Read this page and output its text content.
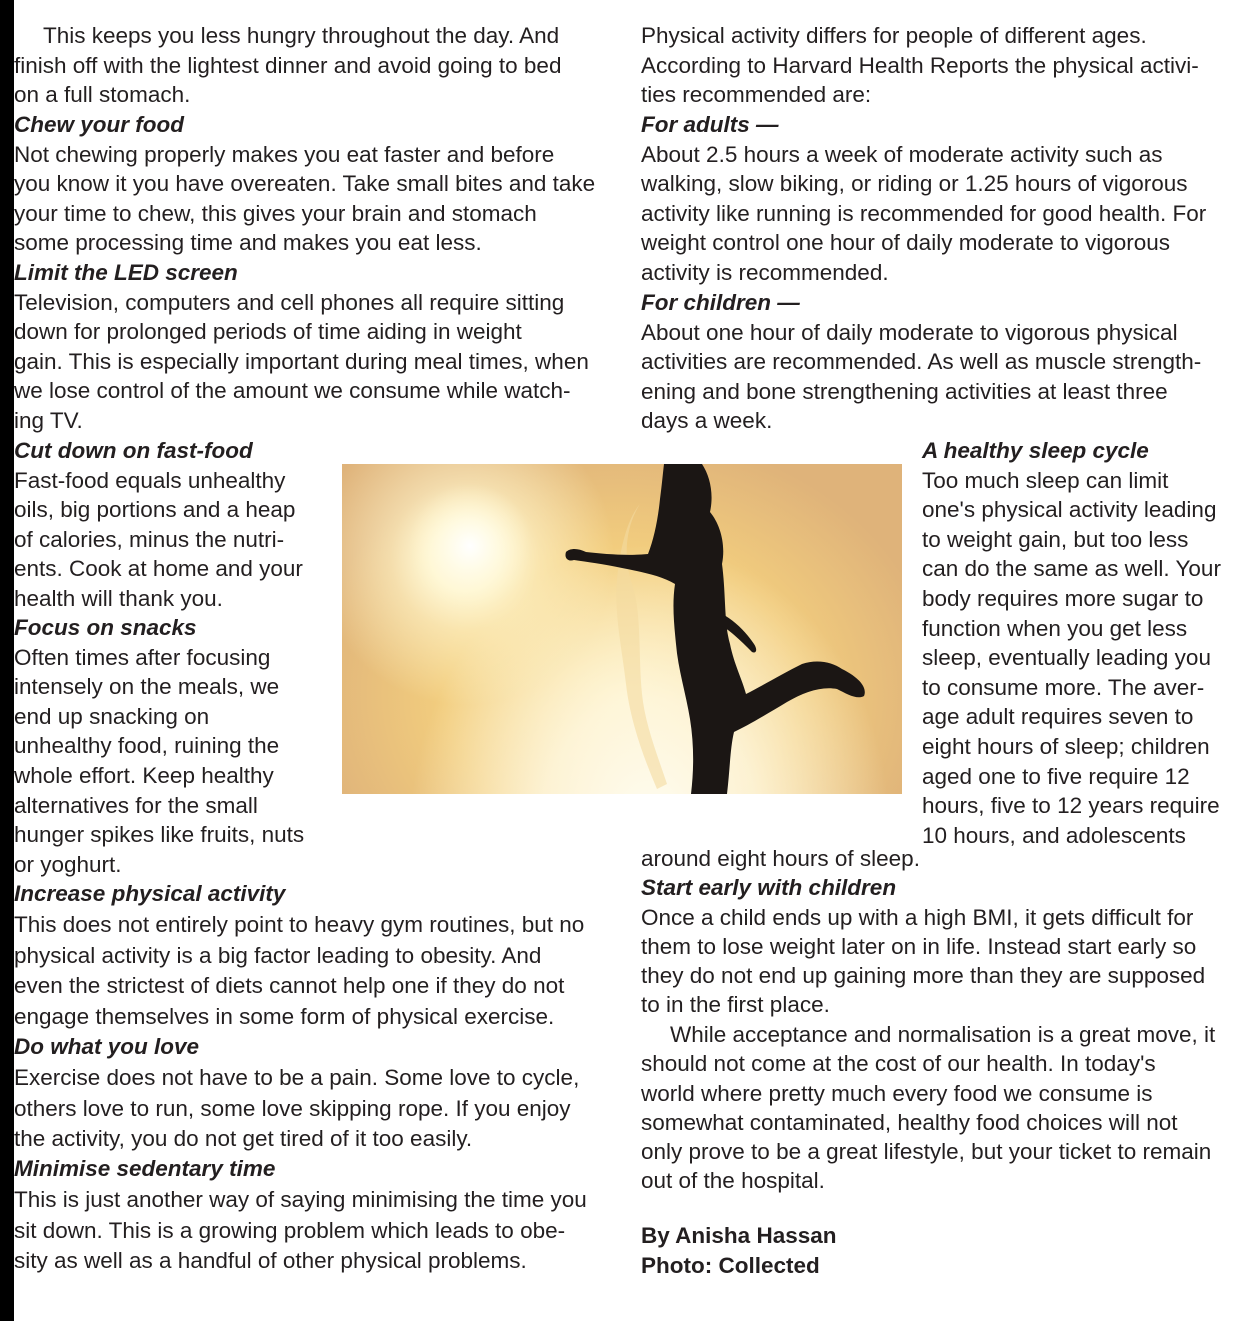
This keeps you less hungry throughout the day. And

finish off with the lightest dinner and avoid going to bed

on a full stomach.

Chew your food

Not chewing properly makes you eat faster and before

you know it you have overeaten. Take small bites and take

your time to chew, this gives your brain and stomach

some processing time and makes you eat less.

Limit the LED screen

Television, computers and cell phones all require sitting

down for prolonged periods of time aiding in weight

gain. This is especially important during meal times, when

we lose control of the amount we consume while watch-

ing TV.

Cut down on fast-food

Fast-food equals unhealthy

oils, big portions and a heap

of calories, minus the nutri-

ents. Cook at home and your

health will thank you.

Focus on snacks

Often times after focusing

intensely on the meals, we

end up snacking on

unhealthy food, ruining the

whole effort. Keep healthy

alternatives for the small

hunger spikes like fruits, nuts

or yoghurt.

Increase physical activity

This does not entirely point to heavy gym routines, but no

physical activity is a big factor leading to obesity. And

even the strictest of diets cannot help one if they do not

engage themselves in some form of physical exercise.

Do what you love

Exercise does not have to be a pain. Some love to cycle,

others love to run, some love skipping rope. If you enjoy

the activity, you do not get tired of it too easily.

Minimise sedentary time

This is just another way of saying minimising the time you

sit down. This is a growing problem which leads to obe-

sity as well as a handful of other physical problems.

Physical activity differs for people of different ages.

According to Harvard Health Reports the physical activi-

ties recommended are:

For adults —

About 2.5 hours a week of moderate activity such as

walking, slow biking, or riding or 1.25 hours of vigorous

activity like running is recommended for good health. For

weight control one hour of daily moderate to vigorous

activity is recommended.

For children —

About one hour of daily moderate to vigorous physical

activities are recommended. As well as muscle strength-

ening and bone strengthening activities at least three

days a week.

A healthy sleep cycle

Too much sleep can limit

one's physical activity leading

to weight gain, but too less

can do the same as well. Your

body requires more sugar to

function when you get less

sleep, eventually leading you

to consume more. The aver-

age adult requires seven to

eight hours of sleep; children

aged one to five require 12

hours, five to 12 years require

10 hours, and adolescents

around eight hours of sleep.

Start early with children

Once a child ends up with a high BMI, it gets difficult for

them to lose weight later on in life. Instead start early so

they do not end up gaining more than they are supposed

to in the first place.

While acceptance and normalisation is a great move, it

should not come at the cost of our health. In today's

world where pretty much every food we consume is

somewhat contaminated, healthy food choices will not

only prove to be a great lifestyle, but your ticket to remain

out of the hospital.

By Anisha Hassan

Photo: Collected
